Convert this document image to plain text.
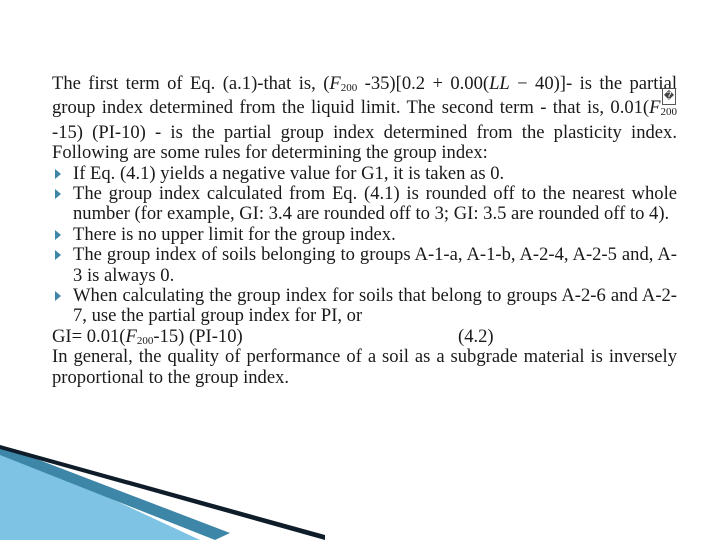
The first term of Eq. (a.1)-that is, (F200 -35)[0.2 + 0.00(LL − 40)]- is the partial group index determined from the liquid limit. The second term - that is, 0.01(F200 -15) (PI-10) - is the partial group index determined from the plasticity index. Following are some rules for determining the group index:

If Eq. (4.1) yields a negative value for G1, it is taken as 0.
The group index calculated from Eq. (4.1) is rounded off to the nearest whole number (for example, GI: 3.4 are rounded off to 3; GI: 3.5 are rounded off to 4).
There is no upper limit for the group index.
The group index of soils belonging to groups A-1-a, A-1-b, A-2-4, A-2-5 and, A-3 is always 0.
When calculating the group index for soils that belong to groups A-2-6 and A-2-7, use the partial group index for PI, or
GI= 0.01(F200-15) (PI-10)	(4.2)

In general, the quality of performance of a soil as a subgrade material is inversely proportional to the group index.

�
